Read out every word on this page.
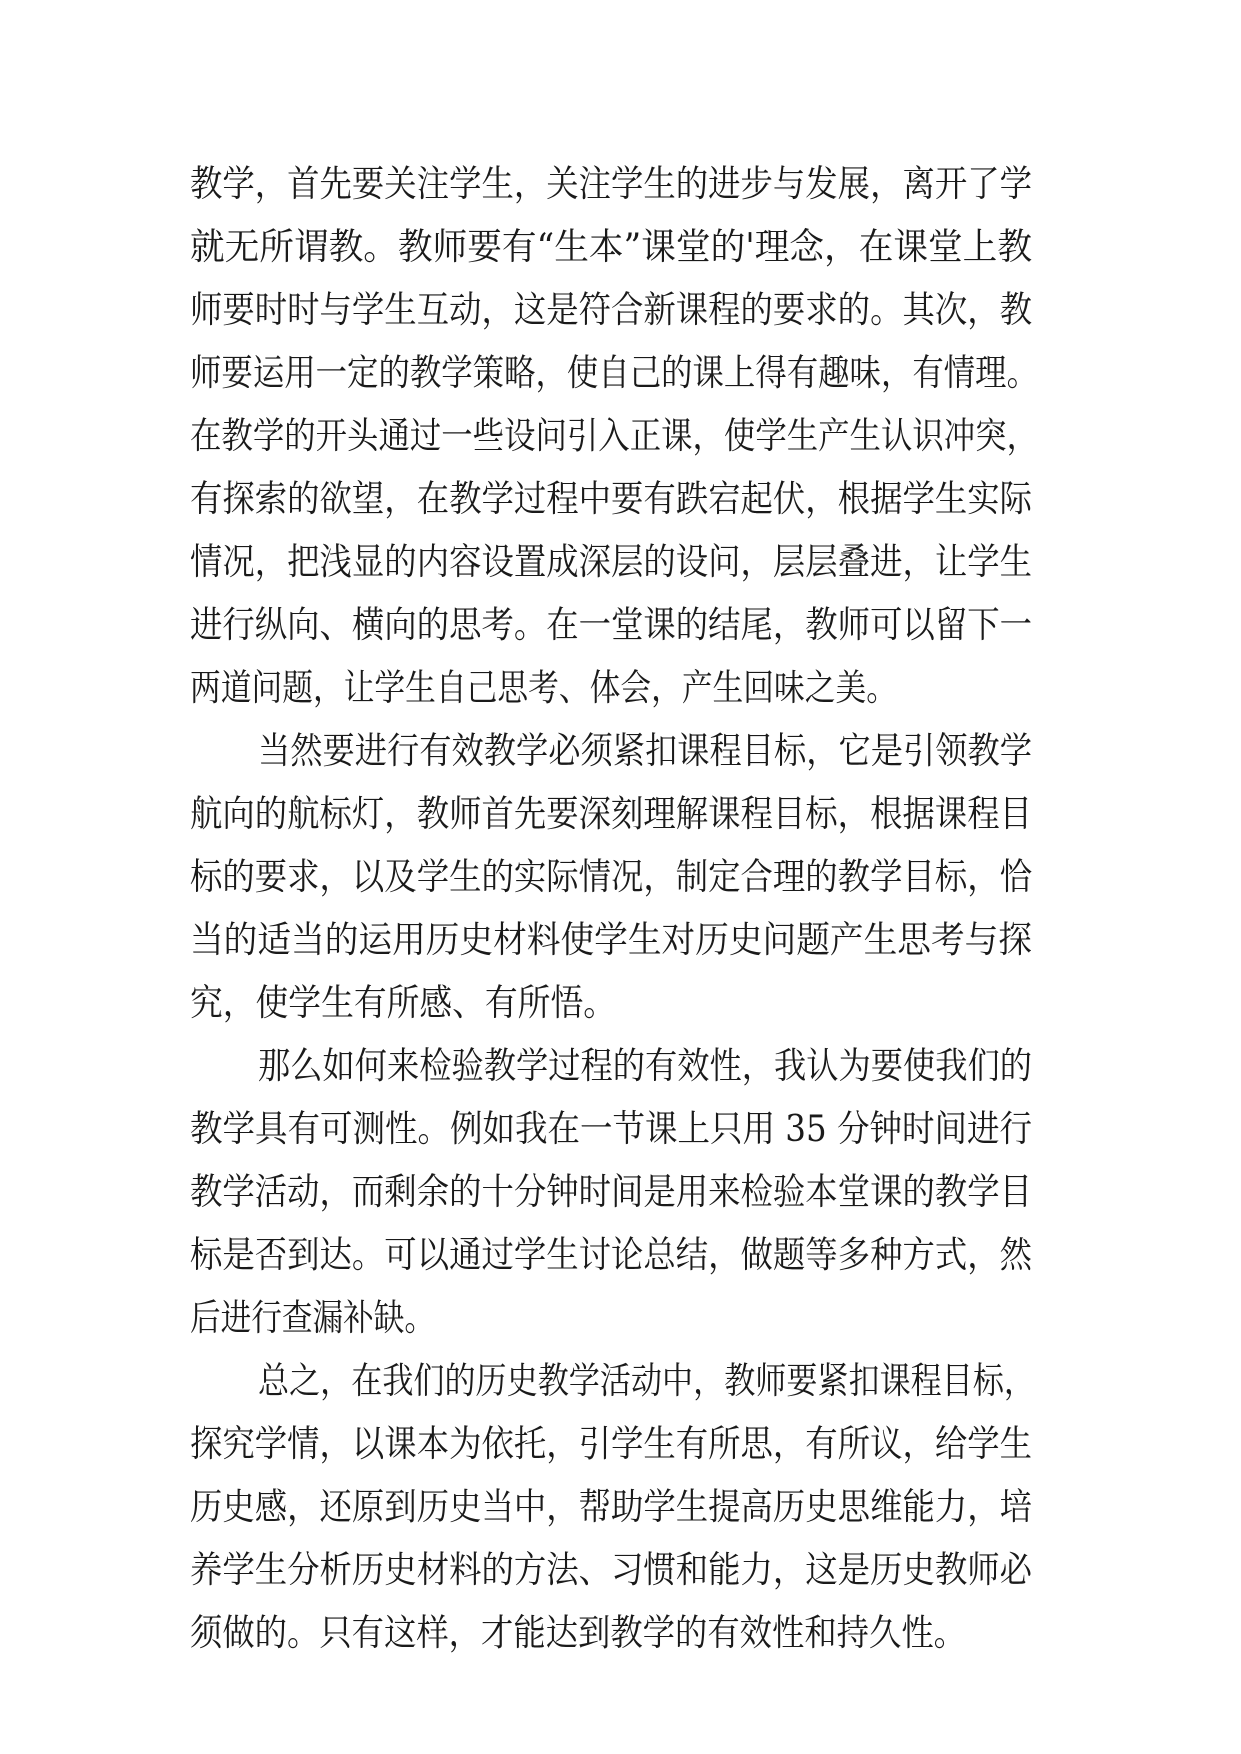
教学，首先要关注学生，关注学生的进步与发展，离开了学
就无所谓教。教师要有“生本”课堂的'理念，在课堂上教
师要时时与学生互动，这是符合新课程的要求的。其次，教
师要运用一定的教学策略，使自己的课上得有趣味，有情理。
在教学的开头通过一些设问引入正课，使学生产生认识冲突，
有探索的欲望，在教学过程中要有跌宕起伏，根据学生实际
情况，把浅显的内容设置成深层的设问，层层叠进，让学生
进行纵向、横向的思考。在一堂课的结尾，教师可以留下一
两道问题，让学生自己思考、体会，产生回味之美。
当然要进行有效教学必须紧扣课程目标，它是引领教学
航向的航标灯，教师首先要深刻理解课程目标，根据课程目
标的要求，以及学生的实际情况，制定合理的教学目标，恰
当的适当的运用历史材料使学生对历史问题产生思考与探
究，使学生有所感、有所悟。
那么如何来检验教学过程的有效性，我认为要使我们的
教学具有可测性。例如我在一节课上只用 35 分钟时间进行
教学活动，而剩余的十分钟时间是用来检验本堂课的教学目
标是否到达。可以通过学生讨论总结，做题等多种方式，然
后进行查漏补缺。
总之，在我们的历史教学活动中，教师要紧扣课程目标，
探究学情，以课本为依托，引学生有所思，有所议，给学生
历史感，还原到历史当中，帮助学生提高历史思维能力，培
养学生分析历史材料的方法、习惯和能力，这是历史教师必
须做的。只有这样，才能达到教学的有效性和持久性。
